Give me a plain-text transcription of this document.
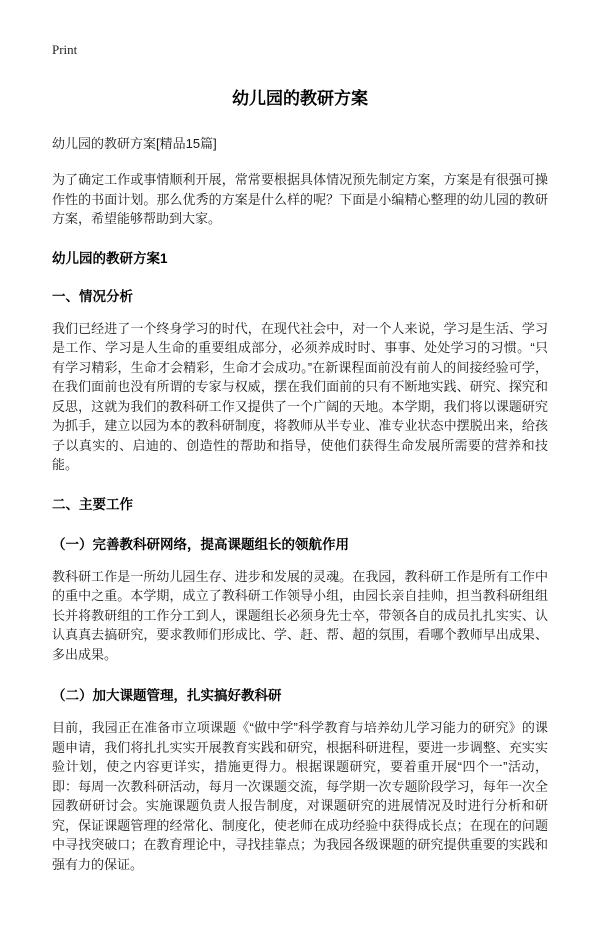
Print
幼儿园的教研方案
幼儿园的教研方案[精品15篇]

为了确定工作或事情顺利开展，常常要根据具体情况预先制定方案，方案是有很强可操作性的书面计划。那么优秀的方案是什么样的呢？下面是小编精心整理的幼儿园的教研方案，希望能够帮助到大家。

幼儿园的教研方案1
一、情况分析

我们已经进了一个终身学习的时代，在现代社会中，对一个人来说，学习是生活、学习是工作、学习是人生命的重要组成部分，必须养成时时、事事、处处学习的习惯。“只有学习精彩，生命才会精彩，生命才会成功。”在新课程面前没有前人的间接经验可学，在我们面前也没有所谓的专家与权威，摆在我们面前的只有不断地实践、研究、探究和反思，这就为我们的教科研工作又提供了一个广阔的天地。本学期，我们将以课题研究为抓手，建立以园为本的教科研制度，将教师从半专业、准专业状态中摆脱出来，给孩子以真实的、启迪的、创造性的帮助和指导，使他们获得生命发展所需要的营养和技能。

二、主要工作
（一）完善教科研网络，提高课题组长的领航作用

教科研工作是一所幼儿园生存、进步和发展的灵魂。在我园，教科研工作是所有工作中的重中之重。本学期，成立了教科研工作领导小组，由园长亲自挂帅，担当教科研组组长并将教研组的工作分工到人，课题组长必须身先士卒，带领各自的成员扎扎实实、认认真真去搞研究，要求教师们形成比、学、赶、帮、超的氛围，看哪个教师早出成果、多出成果。

（二）加大课题管理，扎实搞好教科研

目前，我园正在准备市立项课题《“做中学”科学教育与培养幼儿学习能力的研究》的课题申请，我们将扎扎实实开展教育实践和研究，根据科研进程，要进一步调整、充实实验计划，使之内容更详实，措施更得力。根据课题研究，要着重开展“四个一”活动，即：每周一次教科研活动，每月一次课题交流，每学期一次专题阶段学习，每年一次全园教研研讨会。实施课题负责人报告制度，对课题研究的进展情况及时进行分析和研究，保证课题管理的经常化、制度化，使老师在成功经验中获得成长点；在现在的问题中寻找突破口；在教育理论中，寻找挂靠点；为我园各级课题的研究提供重要的实践和强有力的保证。
